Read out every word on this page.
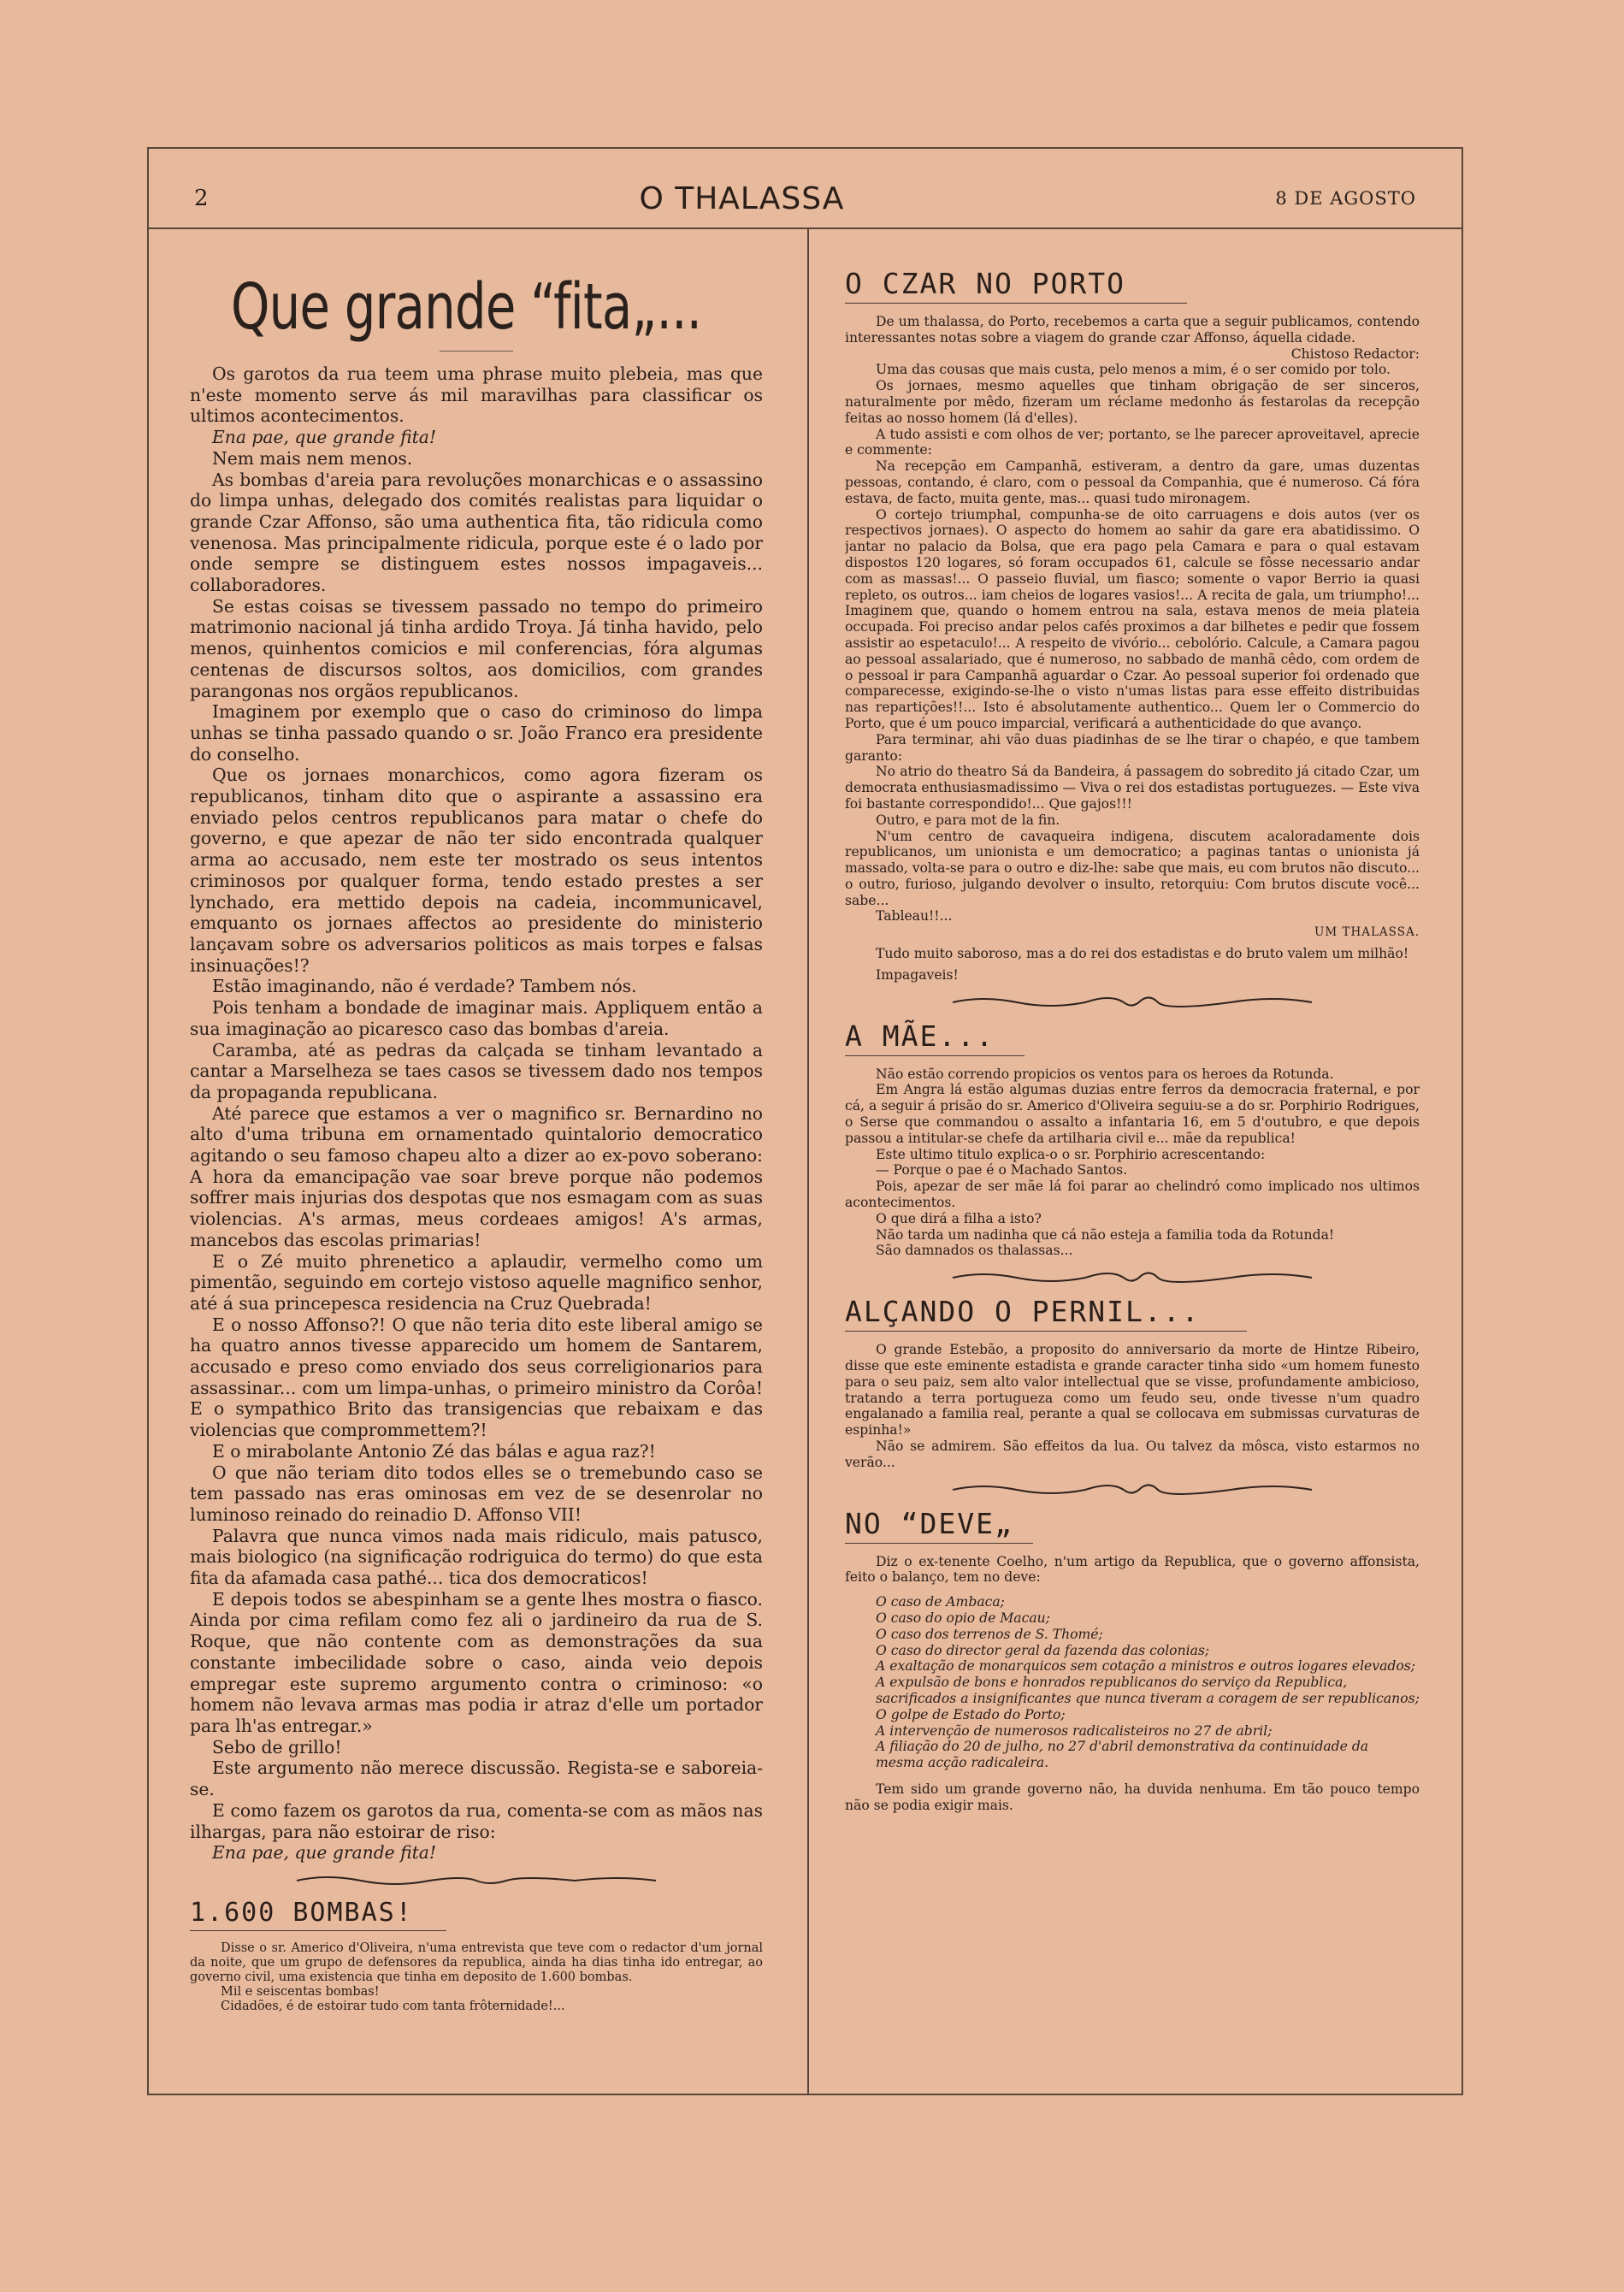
2	O THALASSA	8 DE AGOSTO
Que grande “fita„...

Os garotos da rua teem uma phrase muito plebeia, mas que n'este momento serve ás mil maravilhas para classificar os ultimos acontecimentos.

Ena pae, que grande fita!

Nem mais nem menos.

As bombas d'areia para revoluções monarchicas e o assassino do limpa unhas, delegado dos comités realistas para liquidar o grande Czar Affonso, são uma authentica fita, tão ridicula como venenosa. Mas principalmente ridicula, porque este é o lado por onde sempre se distinguem estes nossos impagaveis... collaboradores.

Se estas coisas se tivessem passado no tempo do primeiro matrimonio nacional já tinha ardido Troya. Já tinha havido, pelo menos, quinhentos comicios e mil conferencias, fóra algumas centenas de discursos soltos, aos domicilios, com grandes parangonas nos orgãos republicanos.

Imaginem por exemplo que o caso do criminoso do limpa unhas se tinha passado quando o sr. João Franco era presidente do conselho.

Que os jornaes monarchicos, como agora fizeram os republicanos, tinham dito que o aspirante a assassino era enviado pelos centros republicanos para matar o chefe do governo, e que apezar de não ter sido encontrada qualquer arma ao accusado, nem este ter mostrado os seus intentos criminosos por qualquer forma, tendo estado prestes a ser lynchado, era mettido depois na cadeia, incommunicavel, emquanto os jornaes affectos ao presidente do ministerio lançavam sobre os adversarios politicos as mais torpes e falsas insinuações!?

Estão imaginando, não é verdade? Tambem nós.

Pois tenham a bondade de imaginar mais. Appliquem então a sua imaginação ao picaresco caso das bombas d'areia.

Caramba, até as pedras da calçada se tinham levantado a cantar a Marselheza se taes casos se tivessem dado nos tempos da propaganda republicana.

Até parece que estamos a ver o magnifico sr. Bernardino no alto d'uma tribuna em ornamentado quintalorio democratico agitando o seu famoso chapeu alto a dizer ao ex-povo soberano: A hora da emancipação vae soar breve porque não podemos soffrer mais injurias dos despotas que nos esmagam com as suas violencias. A's armas, meus cordeaes amigos! A's armas, mancebos das escolas primarias!

E o Zé muito phrenetico a aplaudir, vermelho como um pimentão, seguindo em cortejo vistoso aquelle magnifico senhor, até á sua princepesca residencia na Cruz Quebrada!

E o nosso Affonso?! O que não teria dito este liberal amigo se ha quatro annos tivesse apparecido um homem de Santarem, accusado e preso como enviado dos seus correligionarios para assassinar... com um limpa-unhas, o primeiro ministro da Corôa! E o sympathico Brito das transigencias que rebaixam e das violencias que comprommettem?!

E o mirabolante Antonio Zé das bálas e agua raz?!

O que não teriam dito todos elles se o tremebundo caso se tem passado nas eras ominosas em vez de se desenrolar no luminoso reinado do reinadio D. Affonso VII!

Palavra que nunca vimos nada mais ridiculo, mais patusco, mais biologico (na significação rodriguica do termo) do que esta fita da afamada casa pathé... tica dos democraticos!

E depois todos se abespinham se a gente lhes mostra o fiasco. Ainda por cima refilam como fez ali o jardineiro da rua de S. Roque, que não contente com as demonstrações da sua constante imbecilidade sobre o caso, ainda veio depois empregar este supremo argumento contra o criminoso: «o homem não levava armas mas podia ir atraz d'elle um portador para lh'as entregar.»

Sebo de grillo!

Este argumento não merece discussão. Regista-se e saboreia-se.

E como fazem os garotos da rua, comenta-se com as mãos nas ilhargas, para não estoirar de riso:

Ena pae, que grande fita!

1.600 BOMBAS!

Disse o sr. Americo d'Oliveira, n'uma entrevista que teve com o redactor d'um jornal da noite, que um grupo de defensores da republica, ainda ha dias tinha ido entregar, ao governo civil, uma existencia que tinha em deposito de 1.600 bombas.

Mil e seiscentas bombas!

Cidadões, é de estoirar tudo com tanta frôternidade!...

O CZAR NO PORTO

De um thalassa, do Porto, recebemos a carta que a seguir publicamos, contendo interessantes notas sobre a viagem do grande czar Affonso, áquella cidade.

Chistoso Redactor:

Uma das cousas que mais custa, pelo menos a mim, é o ser comido por tolo.

Os jornaes, mesmo aquelles que tinham obrigação de ser sinceros, naturalmente por mêdo, fizeram um réclame medonho ás festarolas da recepção feitas ao nosso homem (lá d'elles).

A tudo assisti e com olhos de ver; portanto, se lhe parecer aproveitavel, aprecie e commente:

Na recepção em Campanhã, estiveram, a dentro da gare, umas duzentas pessoas, contando, é claro, com o pessoal da Companhia, que é numeroso. Cá fóra estava, de facto, muita gente, mas... quasi tudo mironagem.

O cortejo triumphal, compunha-se de oito carruagens e dois autos (ver os respectivos jornaes). O aspecto do homem ao sahir da gare era abatidissimo. O jantar no palacio da Bolsa, que era pago pela Camara e para o qual estavam dispostos 120 logares, só foram occupados 61, calcule se fôsse necessario andar com as massas!... O passeio fluvial, um fiasco; somente o vapor Berrio ia quasi repleto, os outros... iam cheios de logares vasios!... A recita de gala, um triumpho!... Imaginem que, quando o homem entrou na sala, estava menos de meia plateia occupada. Foi preciso andar pelos cafés proximos a dar bilhetes e pedir que fossem assistir ao espetaculo!... A respeito de vivório... cebolório. Calcule, a Camara pagou ao pessoal assalariado, que é numeroso, no sabbado de manhã cêdo, com ordem de o pessoal ir para Campanhã aguardar o Czar. Ao pessoal superior foi ordenado que comparecesse, exigindo-se-lhe o visto n'umas listas para esse effeito distribuidas nas repartições!!... Isto é absolutamente authentico... Quem ler o Commercio do Porto, que é um pouco imparcial, verificará a authenticidade do que avanço.

Para terminar, ahi vão duas piadinhas de se lhe tirar o chapéo, e que tambem garanto:

No atrio do theatro Sá da Bandeira, á passagem do sobredito já citado Czar, um democrata enthusiasmadissimo — Viva o rei dos estadistas portuguezes. — Este viva foi bastante correspondido!... Que gajos!!!

Outro, e para mot de la fin.

N'um centro de cavaqueira indigena, discutem acaloradamente dois republicanos, um unionista e um democratico; a paginas tantas o unionista já massado, volta-se para o outro e diz-lhe: sabe que mais, eu com brutos não discuto... o outro, furioso, julgando devolver o insulto, retorquiu: Com brutos discute você... sabe...

Tableau!!...

UM THALASSA.

Tudo muito saboroso, mas a do rei dos estadistas e do bruto valem um milhão!

Impagaveis!

A MÃE...

Não estão correndo propicios os ventos para os heroes da Rotunda.

Em Angra lá estão algumas duzias entre ferros da democracia fraternal, e por cá, a seguir á prisão do sr. Americo d'Oliveira seguiu-se a do sr. Porphirio Rodrigues, o Serse que commandou o assalto a infantaria 16, em 5 d'outubro, e que depois passou a intitular-se chefe da artilharia civil e... mãe da republica!

Este ultimo titulo explica-o o sr. Porphirio acrescentando:

— Porque o pae é o Machado Santos.

Pois, apezar de ser mãe lá foi parar ao chelindró como implicado nos ultimos acontecimentos.

O que dirá a filha a isto?

Não tarda um nadinha que cá não esteja a familia toda da Rotunda!

São damnados os thalassas...

ALÇANDO O PERNIL...

O grande Estebão, a proposito do anniversario da morte de Hintze Ribeiro, disse que este eminente estadista e grande caracter tinha sido «um homem funesto para o seu paiz, sem alto valor intellectual que se visse, profundamente ambicioso, tratando a terra portugueza como um feudo seu, onde tivesse n'um quadro engalanado a familia real, perante a qual se collocava em submissas curvaturas de espinha!»

Não se admirem. São effeitos da lua. Ou talvez da môsca, visto estarmos no verão...

NO “DEVE„

Diz o ex-tenente Coelho, n'um artigo da Republica, que o governo affonsista, feito o balanço, tem no deve:

O caso de Ambaca;

O caso do opio de Macau;

O caso dos terrenos de S. Thomé;

O caso do director geral da fazenda das colonias;

A exaltação de monarquicos sem cotação a ministros e outros logares elevados;

A expulsão de bons e honrados republicanos do serviço da Republica, sacrificados a insignificantes que nunca tiveram a coragem de ser republicanos;

O golpe de Estado do Porto;

A intervenção de numerosos radicalisteiros no 27 de abril;

A filiação do 20 de julho, no 27 d'abril demonstrativa da continuidade da mesma acção radicaleira.

Tem sido um grande governo não, ha duvida nenhuma. Em tão pouco tempo não se podia exigir mais.
